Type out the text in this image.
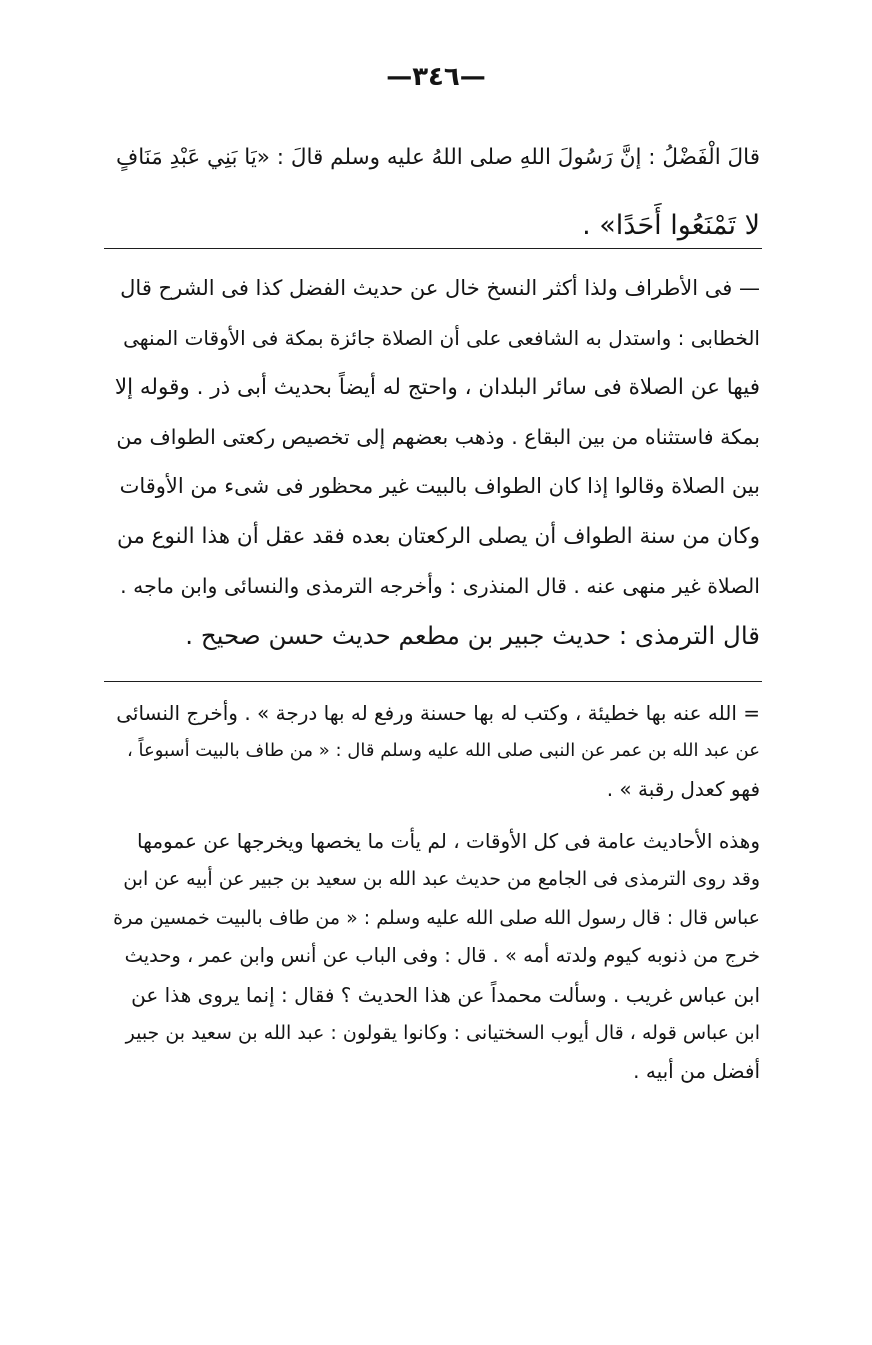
—٣٤٦—
قالَ الْفَضْلُ : إنَّ رَسُولَ اللهِ صلى اللهُ عليه وسلم قالَ : «يَا بَنِي عَبْدِ مَنَافٍ
لا تَمْنَعُوا أَحَدًا» .
— فى الأطراف ولذا أكثر النسخ خال عن حديث الفضل كذا فى الشرح قال
الخطابى : واستدل به الشافعى على أن الصلاة جائزة بمكة فى الأوقات المنهى
فيها عن الصلاة فى سائر البلدان ، واحتج له أيضاً بحديث أبى ذر . وقوله إلا
بمكة فاستثناه من بين البقاع . وذهب بعضهم إلى تخصيص ركعتى الطواف من
بين الصلاة وقالوا إذا كان الطواف بالبيت غير محظور فى شىء من الأوقات
وكان من سنة الطواف أن يصلى الركعتان بعده فقد عقل أن هذا النوع من
الصلاة غير منهى عنه . قال المنذرى : وأخرجه الترمذى والنسائى وابن ماجه .
قال الترمذى : حديث جبير بن مطعم حديث حسن صحيح .
= الله عنه بها خطيئة ، وكتب له بها حسنة ورفع له بها درجة » . وأخرج النسائى
عن عبد الله بن عمر عن النبى صلى الله عليه وسلم قال : « من طاف بالبيت أسبوعاً ،
فهو كعدل رقبة » .
وهذه الأحاديث عامة فى كل الأوقات ، لم يأت ما يخصها ويخرجها عن عمومها
وقد روى الترمذى فى الجامع من حديث عبد الله بن سعيد بن جبير عن أبيه عن ابن
عباس قال : قال رسول الله صلى الله عليه وسلم : « من طاف بالبيت خمسين مرة
خرج من ذنوبه كيوم ولدته أمه » . قال : وفى الباب عن أنس وابن عمر ، وحديث
ابن عباس غريب . وسألت محمداً عن هذا الحديث ؟ فقال : إنما يروى هذا عن
ابن عباس قوله ، قال أيوب السختيانى : وكانوا يقولون : عبد الله بن سعيد بن جبير
أفضل من أبيه .
